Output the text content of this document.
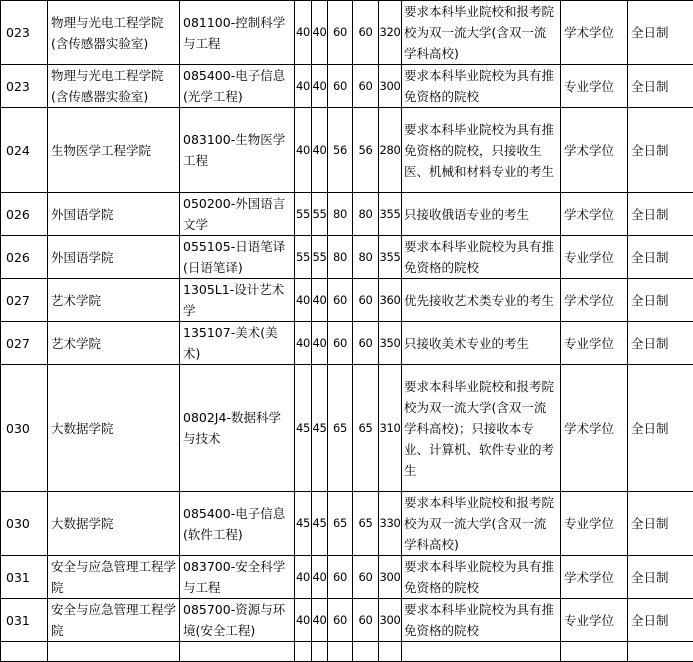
023	物理与光电工程学院(含传感器实验室)	081100-控制科学与工程	40	40	60	60	320	要求本科毕业院校和报考院校为双一流大学(含双一流学科高校)	学术学位	全日制
023	物理与光电工程学院(含传感器实验室)	085400-电子信息(光学工程)	40	40	60	60	300	要求本科毕业院校为具有推免资格的院校	专业学位	全日制
024	生物医学工程学院	083100-生物医学工程	40	40	56	56	280	要求本科毕业院校为具有推免资格的院校，只接收生医、机械和材料专业的考生	学术学位	全日制
026	外国语学院	050200-外国语言文学	55	55	80	80	355	只接收俄语专业的考生	学术学位	全日制
026	外国语学院	055105-日语笔译(日语笔译)	55	55	80	80	355	要求本科毕业院校为具有推免资格的院校	专业学位	全日制
027	艺术学院	1305L1-设计艺术学	40	40	60	60	360	优先接收艺术类专业的考生	学术学位	全日制
027	艺术学院	135107-美术(美术)	40	40	60	60	350	只接收美术专业的考生	专业学位	全日制
030	大数据学院	0802J4-数据科学与技术	45	45	65	65	310	要求本科毕业院校和报考院校为双一流大学(含双一流学科高校)；只接收本专业、计算机、软件专业的考生	学术学位	全日制
030	大数据学院	085400-电子信息(软件工程)	45	45	65	65	330	要求本科毕业院校和报考院校为双一流大学(含双一流学科高校)	专业学位	全日制
031	安全与应急管理工程学院	083700-安全科学与工程	40	40	60	60	300	要求本科毕业院校为具有推免资格的院校	学术学位	全日制
031	安全与应急管理工程学院	085700-资源与环境(安全工程)	40	40	60	60	300	要求本科毕业院校为具有推免资格的院校	专业学位	全日制
